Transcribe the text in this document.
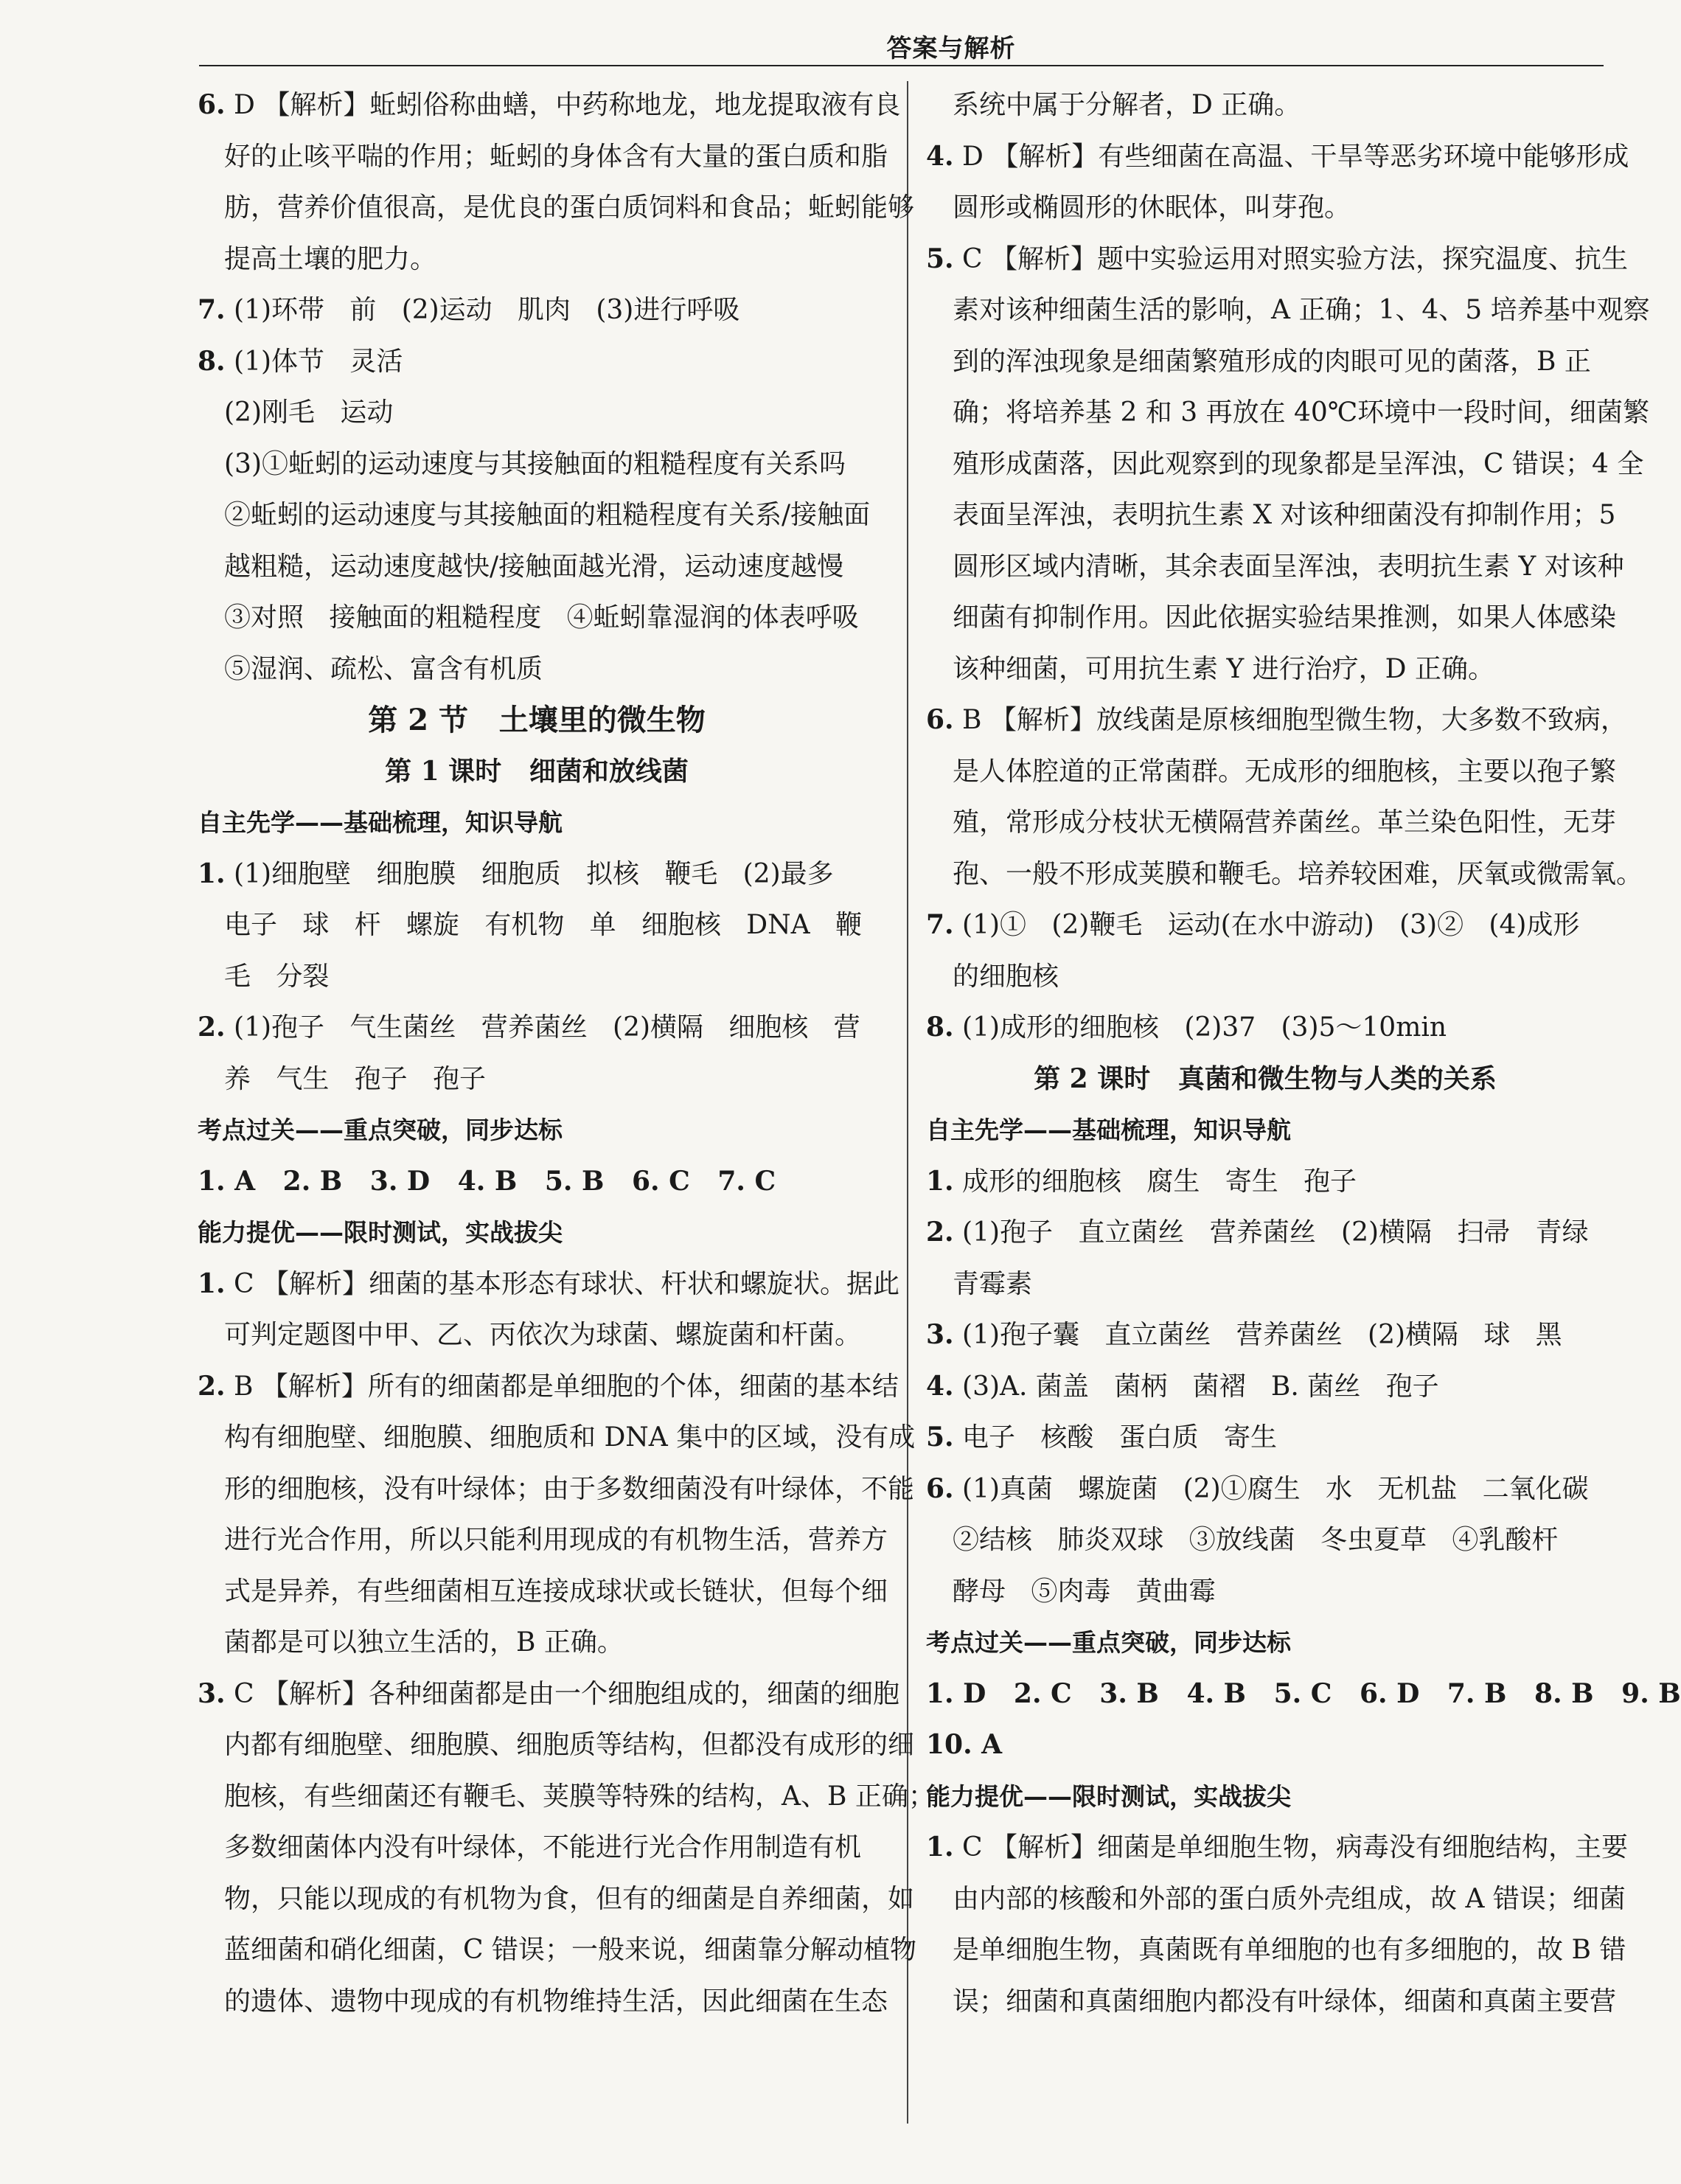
答案与解析
6. D 【解析】蚯蚓俗称曲蟮，中药称地龙，地龙提取液有良
好的止咳平喘的作用；蚯蚓的身体含有大量的蛋白质和脂
肪，营养价值很高，是优良的蛋白质饲料和食品；蚯蚓能够
提高土壤的肥力。
7. (1)环带   前   (2)运动   肌肉   (3)进行呼吸
8. (1)体节   灵活
(2)刚毛   运动
(3)①蚯蚓的运动速度与其接触面的粗糙程度有关系吗
②蚯蚓的运动速度与其接触面的粗糙程度有关系/接触面
越粗糙，运动速度越快/接触面越光滑，运动速度越慢
③对照   接触面的粗糙程度   ④蚯蚓靠湿润的体表呼吸
⑤湿润、疏松、富含有机质
第 2 节   土壤里的微生物
第 1 课时   细菌和放线菌
自主先学——基础梳理，知识导航
1. (1)细胞壁   细胞膜   细胞质   拟核   鞭毛   (2)最多
电子   球   杆   螺旋   有机物   单   细胞核   DNA   鞭
毛   分裂
2. (1)孢子   气生菌丝   营养菌丝   (2)横隔   细胞核   营
养   气生   孢子   孢子
考点过关——重点突破，同步达标
1. A   2. B   3. D   4. B   5. B   6. C   7. C
能力提优——限时测试，实战拔尖
1. C 【解析】细菌的基本形态有球状、杆状和螺旋状。据此
可判定题图中甲、乙、丙依次为球菌、螺旋菌和杆菌。
2. B 【解析】所有的细菌都是单细胞的个体，细菌的基本结
构有细胞壁、细胞膜、细胞质和 DNA 集中的区域，没有成
形的细胞核，没有叶绿体；由于多数细菌没有叶绿体，不能
进行光合作用，所以只能利用现成的有机物生活，营养方
式是异养，有些细菌相互连接成球状或长链状，但每个细
菌都是可以独立生活的，B 正确。
3. C 【解析】各种细菌都是由一个细胞组成的，细菌的细胞
内都有细胞壁、细胞膜、细胞质等结构，但都没有成形的细
胞核，有些细菌还有鞭毛、荚膜等特殊的结构，A、B 正确；
多数细菌体内没有叶绿体，不能进行光合作用制造有机
物，只能以现成的有机物为食，但有的细菌是自养细菌，如
蓝细菌和硝化细菌，C 错误；一般来说，细菌靠分解动植物
的遗体、遗物中现成的有机物维持生活，因此细菌在生态
系统中属于分解者，D 正确。
4. D 【解析】有些细菌在高温、干旱等恶劣环境中能够形成
圆形或椭圆形的休眠体，叫芽孢。
5. C 【解析】题中实验运用对照实验方法，探究温度、抗生
素对该种细菌生活的影响，A 正确；1、4、5 培养基中观察
到的浑浊现象是细菌繁殖形成的肉眼可见的菌落，B 正
确；将培养基 2 和 3 再放在 40℃环境中一段时间，细菌繁
殖形成菌落，因此观察到的现象都是呈浑浊，C 错误；4 全
表面呈浑浊，表明抗生素 X 对该种细菌没有抑制作用；5
圆形区域内清晰，其余表面呈浑浊，表明抗生素 Y 对该种
细菌有抑制作用。因此依据实验结果推测，如果人体感染
该种细菌，可用抗生素 Y 进行治疗，D 正确。
6. B 【解析】放线菌是原核细胞型微生物，大多数不致病，
是人体腔道的正常菌群。无成形的细胞核，主要以孢子繁
殖，常形成分枝状无横隔营养菌丝。革兰染色阳性，无芽
孢、一般不形成荚膜和鞭毛。培养较困难，厌氧或微需氧。
7. (1)①   (2)鞭毛   运动(在水中游动)   (3)②   (4)成形
的细胞核
8. (1)成形的细胞核   (2)37   (3)5～10min
第 2 课时   真菌和微生物与人类的关系
自主先学——基础梳理，知识导航
1. 成形的细胞核   腐生   寄生   孢子
2. (1)孢子   直立菌丝   营养菌丝   (2)横隔   扫帚   青绿
青霉素
3. (1)孢子囊   直立菌丝   营养菌丝   (2)横隔   球   黑
4. (3)A. 菌盖   菌柄   菌褶   B. 菌丝   孢子
5. 电子   核酸   蛋白质   寄生
6. (1)真菌   螺旋菌   (2)①腐生   水   无机盐   二氧化碳
②结核   肺炎双球   ③放线菌   冬虫夏草   ④乳酸杆
酵母   ⑤肉毒   黄曲霉
考点过关——重点突破，同步达标
1. D   2. C   3. B   4. B   5. C   6. D   7. B   8. B   9. B
10. A
能力提优——限时测试，实战拔尖
1. C 【解析】细菌是单细胞生物，病毒没有细胞结构，主要
由内部的核酸和外部的蛋白质外壳组成，故 A 错误；细菌
是单细胞生物，真菌既有单细胞的也有多细胞的，故 B 错
误；细菌和真菌细胞内都没有叶绿体，细菌和真菌主要营
